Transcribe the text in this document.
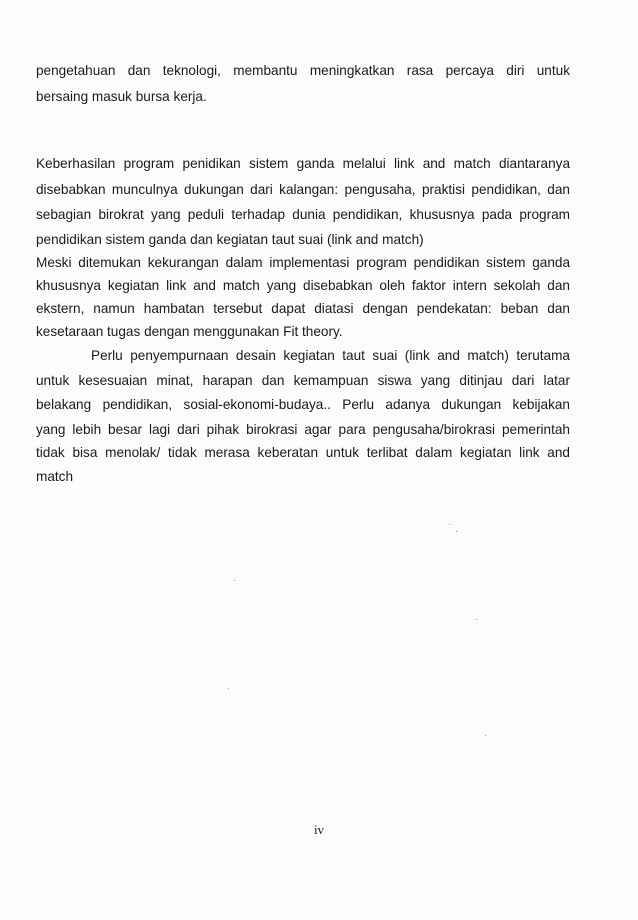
pengetahuan dan teknologi, membantu meningkatkan rasa percaya diri untuk
bersaing masuk bursa kerja.
Keberhasilan program penidikan sistem ganda melalui link and match diantaranya
disebabkan munculnya dukungan dari kalangan: pengusaha, praktisi pendidikan, dan
sebagian birokrat yang peduli terhadap dunia pendidikan, khususnya pada program
pendidikan sistem ganda dan kegiatan taut suai (link and match)
Meski ditemukan kekurangan dalam implementasi program pendidikan sistem ganda
khususnya kegiatan link and match yang disebabkan oleh faktor intern sekolah dan
ekstern, namun hambatan tersebut dapat diatasi dengan pendekatan: beban dan
kesetaraan tugas dengan menggunakan Fit theory.
Perlu penyempurnaan desain kegiatan taut suai (link and match) terutama
untuk kesesuaian minat, harapan dan kemampuan siswa yang ditinjau dari latar
belakang pendidikan, sosial-ekonomi-budaya.. Perlu adanya dukungan kebijakan
yang lebih besar lagi dari pihak birokrasi agar para pengusaha/birokrasi pemerintah
tidak bisa menolak/ tidak merasa keberatan untuk terlibat dalam kegiatan link and
match
iv
